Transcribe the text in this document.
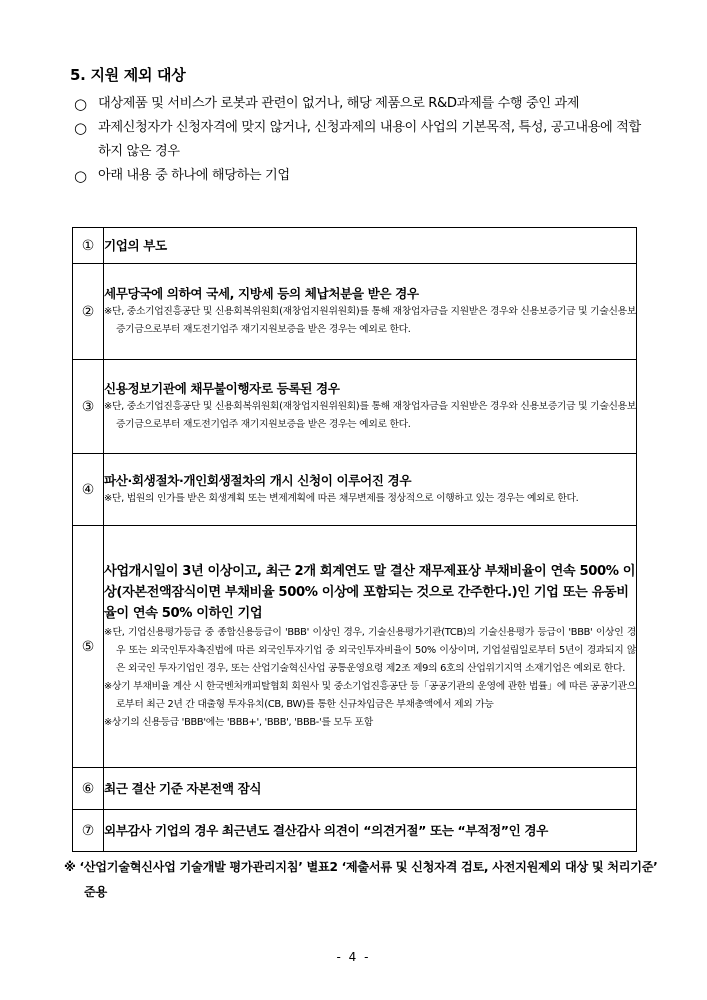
5. 지원 제외 대상
○ 대상제품 및 서비스가 로봇과 관련이 없거나, 해당 제품으로 R&D과제를 수행 중인 과제
○ 과제신청자가 신청자격에 맞지 않거나, 신청과제의 내용이 사업의 기본목적, 특성, 공고내용에 적합하지 않은 경우
○ 아래 내용 중 하나에 해당하는 기업
①	기업의 부도

②	세무당국에 의하여 국세, 지방세 등의 체납처분을 받은 경우
※단, 중소기업진흥공단 및 신용회복위원회(재창업지원위원회)를 통해 재창업자금을 지원받은 경우와 신용보증기금 및 기술신용보증기금으로부터 재도전기업주 재기지원보증을 받은 경우는 예외로 한다.

③	신용정보기관에 채무불이행자로 등록된 경우
※단, 중소기업진흥공단 및 신용회복위원회(재창업지원위원회)를 통해 재창업자금을 지원받은 경우와 신용보증기금 및 기술신용보증기금으로부터 재도전기업주 재기지원보증을 받은 경우는 예외로 한다.

④	파산·회생절차·개인회생절차의 개시 신청이 이루어진 경우
※단, 법원의 인가를 받은 회생계획 또는 변제계획에 따른 채무변제를 정상적으로 이행하고 있는 경우는 예외로 한다.

⑤	사업개시일이 3년 이상이고, 최근 2개 회계연도 말 결산 재무제표상 부채비율이 연속 500% 이상(자본전액잠식이면 부채비율 500% 이상에 포함되는 것으로 간주한다.)인 기업 또는 유동비율이 연속 50% 이하인 기업
※단, 기업신용평가등급 중 종합신용등급이 'BBB' 이상인 경우, 기술신용평가기관(TCB)의 기술신용평가 등급이 'BBB' 이상인 경우 또는 외국인투자촉진법에 따른 외국인투자기업 중 외국인투자비율이 50% 이상이며, 기업설립일로부터 5년이 경과되지 않은 외국인 투자기업인 경우, 또는 산업기술혁신사업 공통운영요령 제2조 제9의 6호의 산업위기지역 소재기업은 예외로 한다.
※상기 부채비율 계산 시 한국벤처캐피탈협회 회원사 및 중소기업진흥공단 등「공공기관의 운영에 관한 법률」에 따른 공공기관으로부터 최근 2년 간 대출형 투자유치(CB, BW)를 통한 신규차입금은 부채총액에서 제외 가능
※상기의 신용등급 'BBB'에는 'BBB+', 'BBB', 'BBB-'를 모두 포함

⑥	최근 결산 기준 자본전액 잠식

⑦	외부감사 기업의 경우 최근년도 결산감사 의견이 “의견거절” 또는 “부적정”인 경우
※ ‘산업기술혁신사업 기술개발 평가관리지침’ 별표2 ‘제출서류 및 신청자격 검토, 사전지원제외 대상 및 처리기준’ 준용
- 4 -
